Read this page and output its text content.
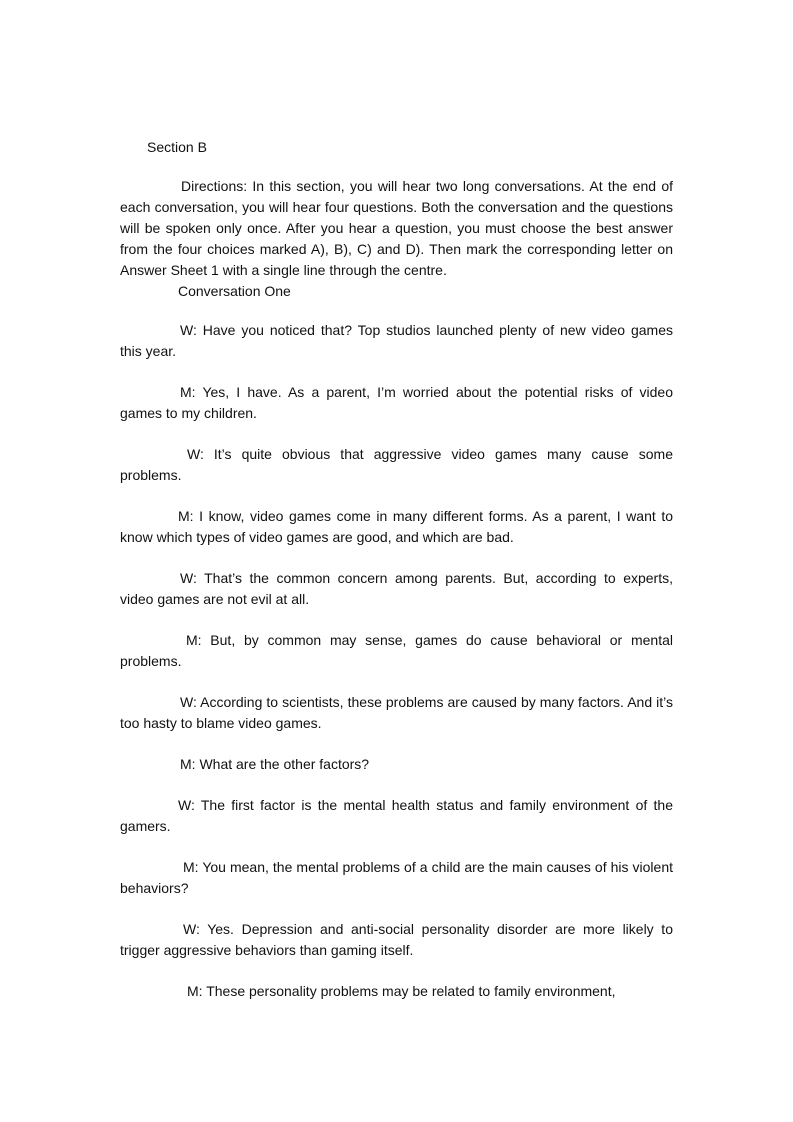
Section B

Directions: In this section, you will hear two long conversations. At the end of each conversation, you will hear four questions. Both the conversation and the questions will be spoken only once. After you hear a question, you must choose the best answer from the four choices marked A), B), C) and D). Then mark the corresponding letter on Answer Sheet 1 with a single line through the centre.

Conversation One

W: Have you noticed that? Top studios launched plenty of new video games this year.

M: Yes, I have. As a parent, I’m worried about the potential risks of video games to my children.

W: It’s quite obvious that aggressive video games many cause some problems.

M: I know, video games come in many different forms. As a parent, I want to know which types of video games are good, and which are bad.

W: That’s the common concern among parents. But, according to experts, video games are not evil at all.

M: But, by common may sense, games do cause behavioral or mental problems.

W: According to scientists, these problems are caused by many factors. And it’s too hasty to blame video games.

M: What are the other factors?

W: The first factor is the mental health status and family environment of the gamers.

M: You mean, the mental problems of a child are the main causes of his violent behaviors?

W: Yes. Depression and anti-social personality disorder are more likely to trigger aggressive behaviors than gaming itself.

M: These personality problems may be related to family environment,
